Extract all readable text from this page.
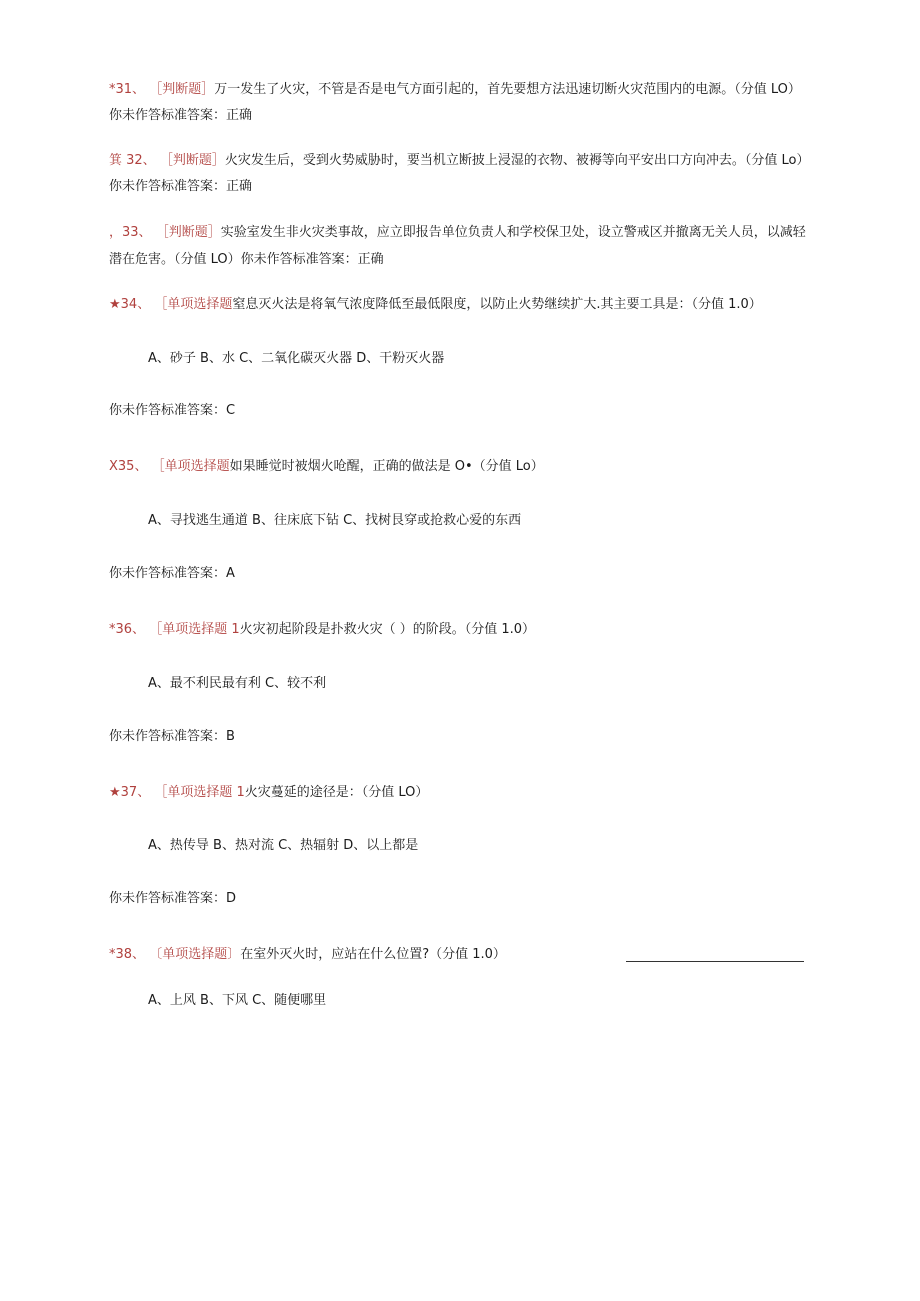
*31、 ［判断题］万一发生了火灾，不管是否是电气方面引起的，首先要想方法迅速切断火灾范围内的电源。（分值 LO）
你未作答标准答案：正确
箕 32、 ［判断题］火灾发生后，受到火势威胁时，要当机立断披上浸湿的衣物、被褥等向平安出口方向冲去。（分值 Lo）
你未作答标准答案：正确
，33、 ［判断题］实验室发生非火灾类事故，应立即报告单位负责人和学校保卫处，设立警戒区并撤离无关人员，以减轻
潜在危害。（分值 LO）你未作答标准答案：正确
★34、 ［单项选择题窒息灭火法是将氧气浓度降低至最低限度，以防止火势继续扩大.其主要工具是：（分值 1.0）
A、砂子 B、水 C、二氧化碳灭火器 D、干粉灭火器
你未作答标准答案：C
X35、 ［单项选择题如果睡觉时被烟火呛醒，正确的做法是 O•（分值 Lo）
A、寻找逃生通道 B、往床底下钻 C、找树艮穿或抢救心爱的东西
你未作答标准答案：A
*36、 ［单项选择题 1火灾初起阶段是扑救火灾（ ）的阶段。（分值 1.0）
A、最不利民最有利 C、较不利
你未作答标准答案：B
★37、 ［单项选择题 1火灾蔓延的途径是：（分值 LO）
A、热传导 B、热对流 C、热辐射 D、以上都是
你未作答标准答案：D
*38、 〔单项选择题〕在室外灭火时，应站在什么位置?（分值 1.0）
A、上风 B、下风 C、随便哪里
